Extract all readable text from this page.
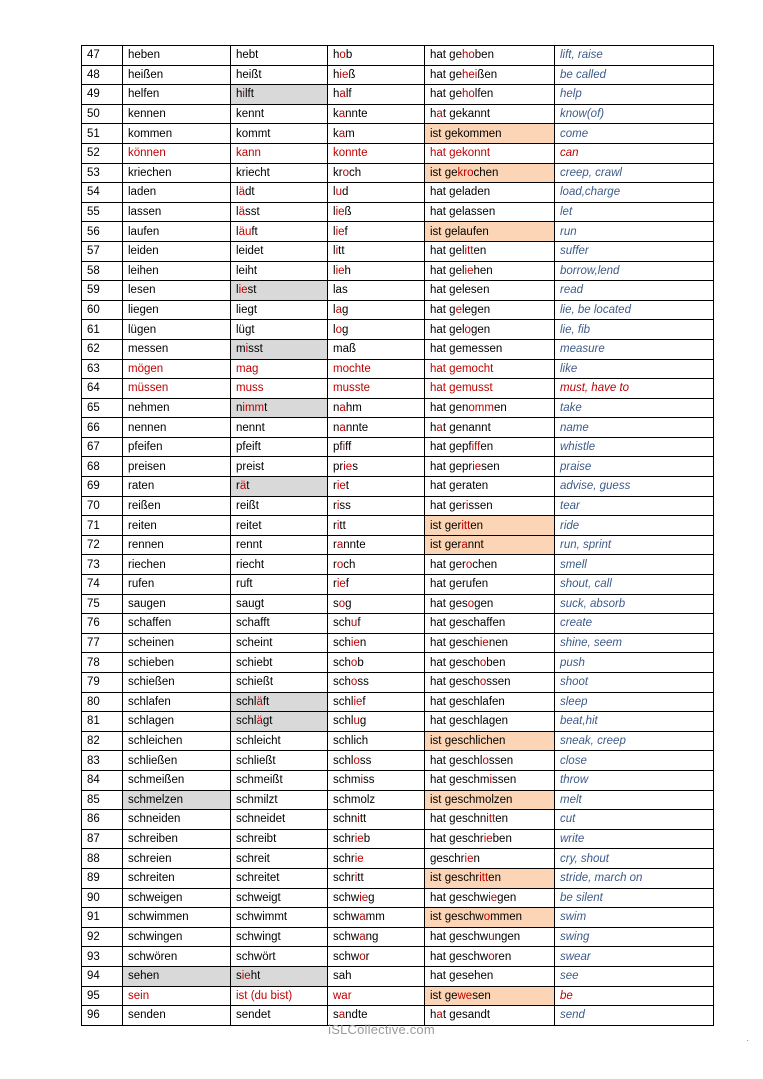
47	heben	hebt	hob	hat gehoben	lift, raise
48	heißen	heißt	hieß	hat geheißen	be called
49	helfen	hilft	half	hat geholfen	help
50	kennen	kennt	kannte	hat gekannt	know(of)
51	kommen	kommt	kam	ist gekommen	come
52	können	kann	konnte	hat gekonnt	can
53	kriechen	kriecht	kroch	ist gekrochen	creep, crawl
54	laden	lädt	lud	hat geladen	load,charge
55	lassen	lässt	ließ	hat gelassen	let
56	laufen	läuft	lief	ist gelaufen	run
57	leiden	leidet	litt	hat gelitten	suffer
58	leihen	leiht	lieh	hat geliehen	borrow,lend
59	lesen	liest	las	hat gelesen	read
60	liegen	liegt	lag	hat gelegen	lie, be located
61	lügen	lügt	log	hat gelogen	lie, fib
62	messen	misst	maß	hat gemessen	measure
63	mögen	mag	mochte	hat gemocht	like
64	müssen	muss	musste	hat gemusst	must, have to
65	nehmen	nimmt	nahm	hat genommen	take
66	nennen	nennt	nannte	hat genannt	name
67	pfeifen	pfeift	pfiff	hat gepfiffen	whistle
68	preisen	preist	pries	hat gepriesen	praise
69	raten	rät	riet	hat geraten	advise, guess
70	reißen	reißt	riss	hat gerissen	tear
71	reiten	reitet	ritt	ist geritten	ride
72	rennen	rennt	rannte	ist gerannt	run, sprint
73	riechen	riecht	roch	hat gerochen	smell
74	rufen	ruft	rief	hat gerufen	shout, call
75	saugen	saugt	sog	hat gesogen	suck, absorb
76	schaffen	schafft	schuf	hat geschaffen	create
77	scheinen	scheint	schien	hat geschienen	shine, seem
78	schieben	schiebt	schob	hat geschoben	push
79	schießen	schießt	schoss	hat geschossen	shoot
80	schlafen	schläft	schlief	hat geschlafen	sleep
81	schlagen	schlägt	schlug	hat geschlagen	beat,hit
82	schleichen	schleicht	schlich	ist geschlichen	sneak, creep
83	schließen	schließt	schloss	hat geschlossen	close
84	schmeißen	schmeißt	schmiss	hat geschmissen	throw
85	schmelzen	schmilzt	schmolz	ist geschmolzen	melt
86	schneiden	schneidet	schnitt	hat geschnitten	cut
87	schreiben	schreibt	schrieb	hat geschrieben	write
88	schreien	schreit	schrie	geschrien	cry, shout
89	schreiten	schreitet	schritt	ist geschritten	stride, march on
90	schweigen	schweigt	schwieg	hat geschwiegen	be silent
91	schwimmen	schwimmt	schwamm	ist geschwommen	swim
92	schwingen	schwingt	schwang	hat geschwungen	swing
93	schwören	schwört	schwor	hat geschworen	swear
94	sehen	sieht	sah	hat gesehen	see
95	sein	ist (du bist)	war	ist gewesen	be
96	senden	sendet	sandte	hat gesandt	send
iSLCollective.com
.
